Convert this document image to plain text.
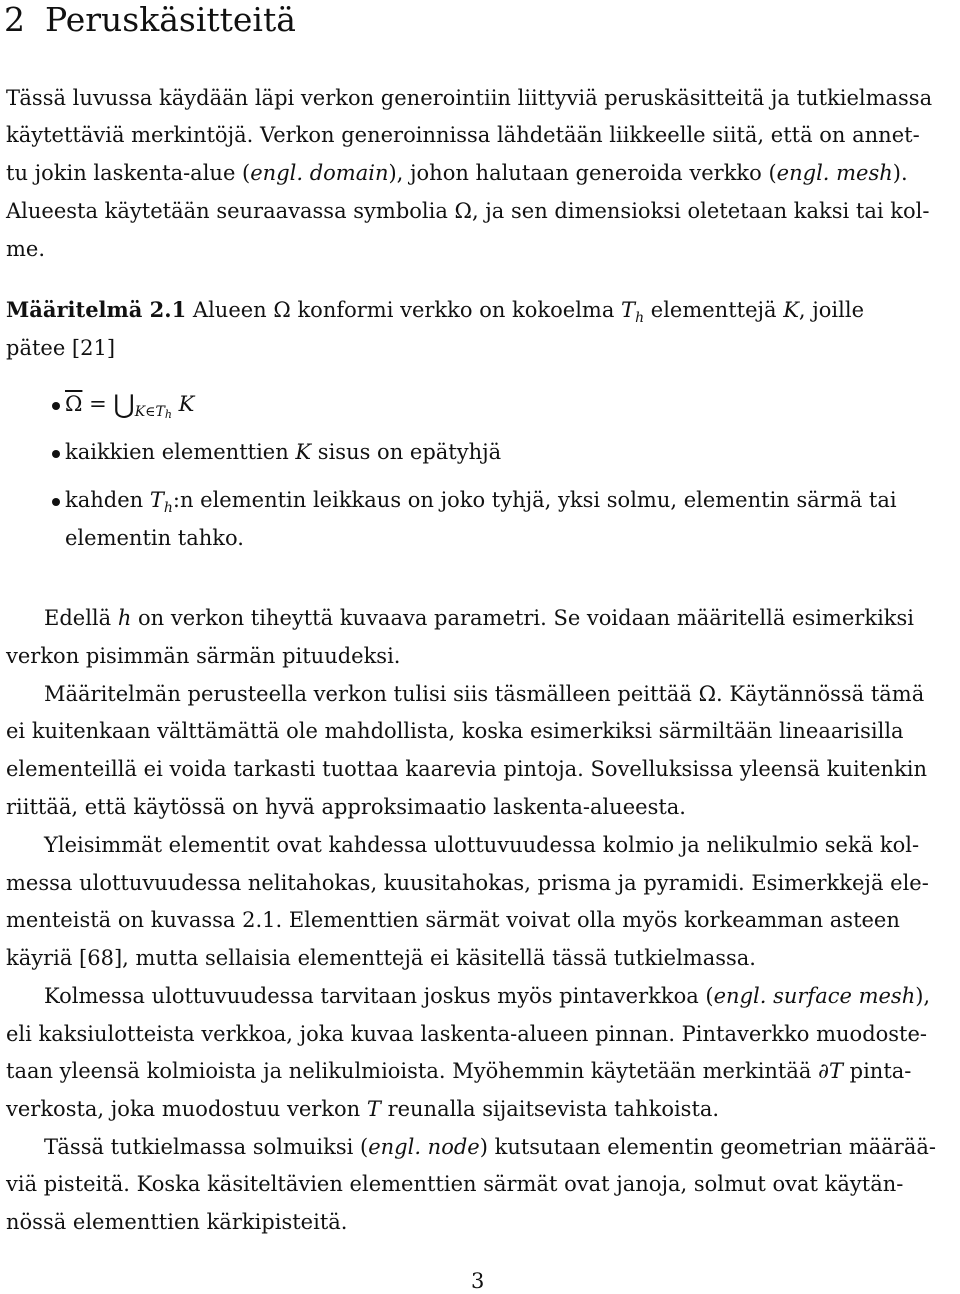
2 Peruskäsitteitä
Tässä luvussa käydään läpi verkon generointiin liittyviä peruskäsitteitä ja tutkielmassa
käytettäviä merkintöjä. Verkon generoinnissa lähdetään liikkeelle siitä, että on annet-
tu jokin laskenta-alue (engl. domain), johon halutaan generoida verkko (engl. mesh).
Alueesta käytetään seuraavassa symbolia Ω, ja sen dimensioksi oletetaan kaksi tai kol-
me.
Määritelmä 2.1 Alueen Ω konformi verkko on kokoelma $T_h$ elementtejä K, joille
pätee [21]
$\overline{\Omega}$ = $⋃_{K\in Th}$ K
kaikkien elementtien K sisus on epätyhjä
kahden $T_h:n$ elementin leikkaus on joko tyhjä, yksi solmu, elementin särmä tai
elementin tahko.
Edellä h on verkon tiheyttä kuvaava parametri. Se voidaan määritellä esimerkiksi
verkon pisimmän särmän pituudeksi.
Määritelmän perusteella verkon tulisi siis täsmälleen peittää Ω. Käytännössä tämä
ei kuitenkaan välttämättä ole mahdollista, koska esimerkiksi särmiltään lineaarisilla
elementeillä ei voida tarkasti tuottaa kaarevia pintoja. Sovelluksissa yleensä kuitenkin
riittää, että käytössä on hyvä approksimaatio laskenta-alueesta.
Yleisimmät elementit ovat kahdessa ulottuvuudessa kolmio ja nelikulmio sekä kol-
messa ulottuvuudessa nelitahokas, kuusitahokas, prisma ja pyramidi. Esimerkkejä ele-
menteistä on kuvassa 2.1. Elementtien särmät voivat olla myös korkeamman asteen
käyriä [68], mutta sellaisia elementtejä ei käsitellä tässä tutkielmassa.
Kolmessa ulottuvuudessa tarvitaan joskus myös pintaverkkoa (engl. surface mesh),
eli kaksiulotteista verkkoa, joka kuvaa laskenta-alueen pinnan. Pintaverkko muodoste-
taan yleensä kolmioista ja nelikulmioista. Myöhemmin käytetään merkintää ∂T pinta-
verkosta, joka muodostuu verkon T reunalla sijaitsevista tahkoista.
Tässä tutkielmassa solmuiksi (engl. node) kutsutaan elementin geometrian määrää-
viä pisteitä. Koska käsiteltävien elementtien särmät ovat janoja, solmut ovat käytän-
nössä elementtien kärkipisteitä.
3
